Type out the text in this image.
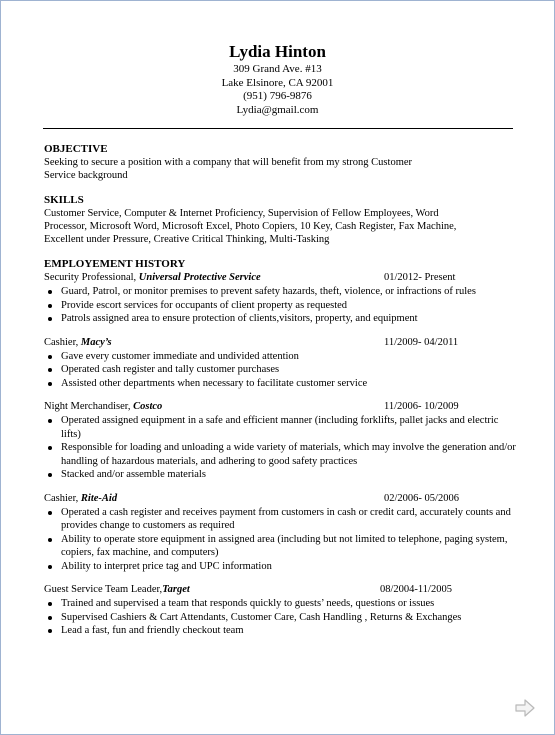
Lydia Hinton
309 Grand Ave. #13
Lake Elsinore, CA 92001
(951) 796-9876
Lydia@gmail.com
OBJECTIVE
Seeking to secure a position with a company that will benefit from my strong Customer
Service background
SKILLS
Customer Service, Computer & Internet Proficiency, Supervision of Fellow Employees, Word
Processor, Microsoft Word, Microsoft Excel, Photo Copiers, 10 Key, Cash Register, Fax Machine,
Excellent under Pressure, Creative Critical Thinking, Multi-Tasking
EMPLOYEMENT HISTORY
Security Professional, Universal Protective Service	01/2012- Present
Guard, Patrol, or monitor premises to prevent safety hazards, theft, violence, or infractions of rules
Provide escort services for occupants of client property as requested
Patrols assigned area to ensure protection of clients,visitors, property, and equipment
Cashier, Macy’s	11/2009- 04/2011
Gave every customer immediate and undivided attention
Operated cash register and tally customer purchases
Assisted other departments when necessary to facilitate customer service
Night Merchandiser, Costco	11/2006- 10/2009
Operated assigned equipment in a safe and efficient manner (including forklifts, pallet jacks and electric lifts)
Responsible for loading and unloading a wide variety of materials, which may involve the generation and/or handling of hazardous materials, and adhering to good safety practices
Stacked and/or assemble materials
Cashier, Rite-Aid	02/2006- 05/2006
Operated a cash register and receives payment from customers in cash or credit card, accurately counts and provides change to customers as required
Ability to operate store equipment in assigned area (including but not limited to telephone, paging system, copiers, fax machine, and computers)
Ability to interpret price tag and UPC information
Guest Service Team Leader,Target	08/2004-11/2005
Trained and supervised a team that responds quickly to guests’ needs, questions or issues
Supervised Cashiers & Cart Attendants, Customer Care, Cash Handling , Returns & Exchanges
Lead a fast, fun and friendly checkout team
